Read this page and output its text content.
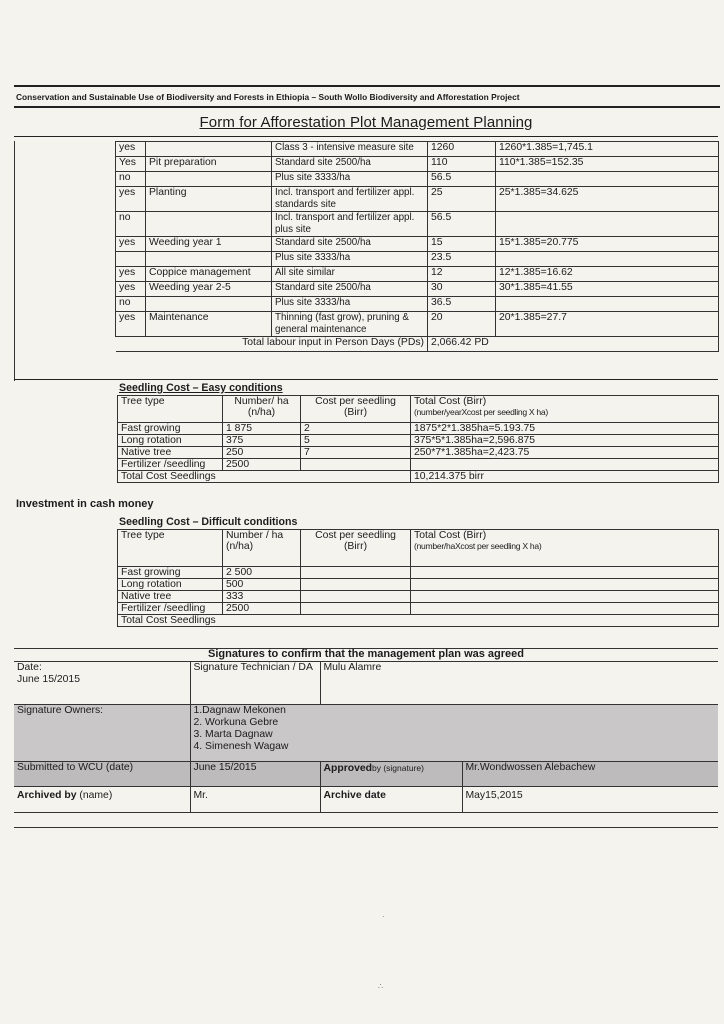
Conservation and Sustainable Use of Biodiversity and Forests in Ethiopia – South Wollo Biodiversity and Afforestation Project
Form for Afforestation Plot Management Planning
yes		Class 3 - intensive measure site	1260	1260*1.385=1,745.1
Yes	Pit preparation	Standard site 2500/ha	110	110*1.385=152.35
no		Plus site 3333/ha	56.5	
yes	Planting	Incl. transport and fertilizer appl. standards site	25	25*1.385=34.625
no		Incl. transport and fertilizer appl. plus site	56.5	
yes	Weeding year 1	Standard site 2500/ha	15	15*1.385=20.775
		Plus site 3333/ha	23.5	
yes	Coppice management	All site similar	12	12*1.385=16.62
yes	Weeding year 2-5	Standard site 2500/ha	30	30*1.385=41.55
no		Plus site 3333/ha	36.5	
yes	Maintenance	Thinning (fast grow), pruning & general maintenance	20	20*1.385=27.7
Total labour input in Person Days (PDs)			2,066.42 PD	
Investment in cash money
Seedling Cost – Easy conditions
Tree type	Number/ ha (n/ha)	Cost per seedling (Birr)	Total Cost (Birr)
(number/yearXcost per seedling X ha)

Fast growing	1 875	2	1875*2*1.385ha=5.193.75
Long rotation	375	5	375*5*1.385ha=2,596.875
Native tree	250	7	250*7*1.385ha=2,423.75
Fertilizer /seedling	2500		
Total Cost Seedlings			10,214.375 birr
Seedling Cost – Difficult conditions
Tree type	Number / ha (n/ha)	Cost per seedling (Birr)	Total Cost (Birr)
(number/haXcost per seedling X ha)

Fast growing	2 500		
Long rotation	500		
Native tree	333		
Fertilizer /seedling	2500		
Total Cost Seedlings			
Signatures to confirm that the management plan was agreed
Date:
June 15/2015	Signature Technician / DA	Mulu Alamre	
Signature Owners:	1.Dagnaw Mekonen
2. Workuna Gebre
3. Marta Dagnaw
4. Simenesh Wagaw		

Submitted to WCU (date)	June 15/2015	Approvedby (signature)	Mr.Wondwossen Alebachew
Archived by (name)	Mr.	Archive date	May15,2015
·
∴
